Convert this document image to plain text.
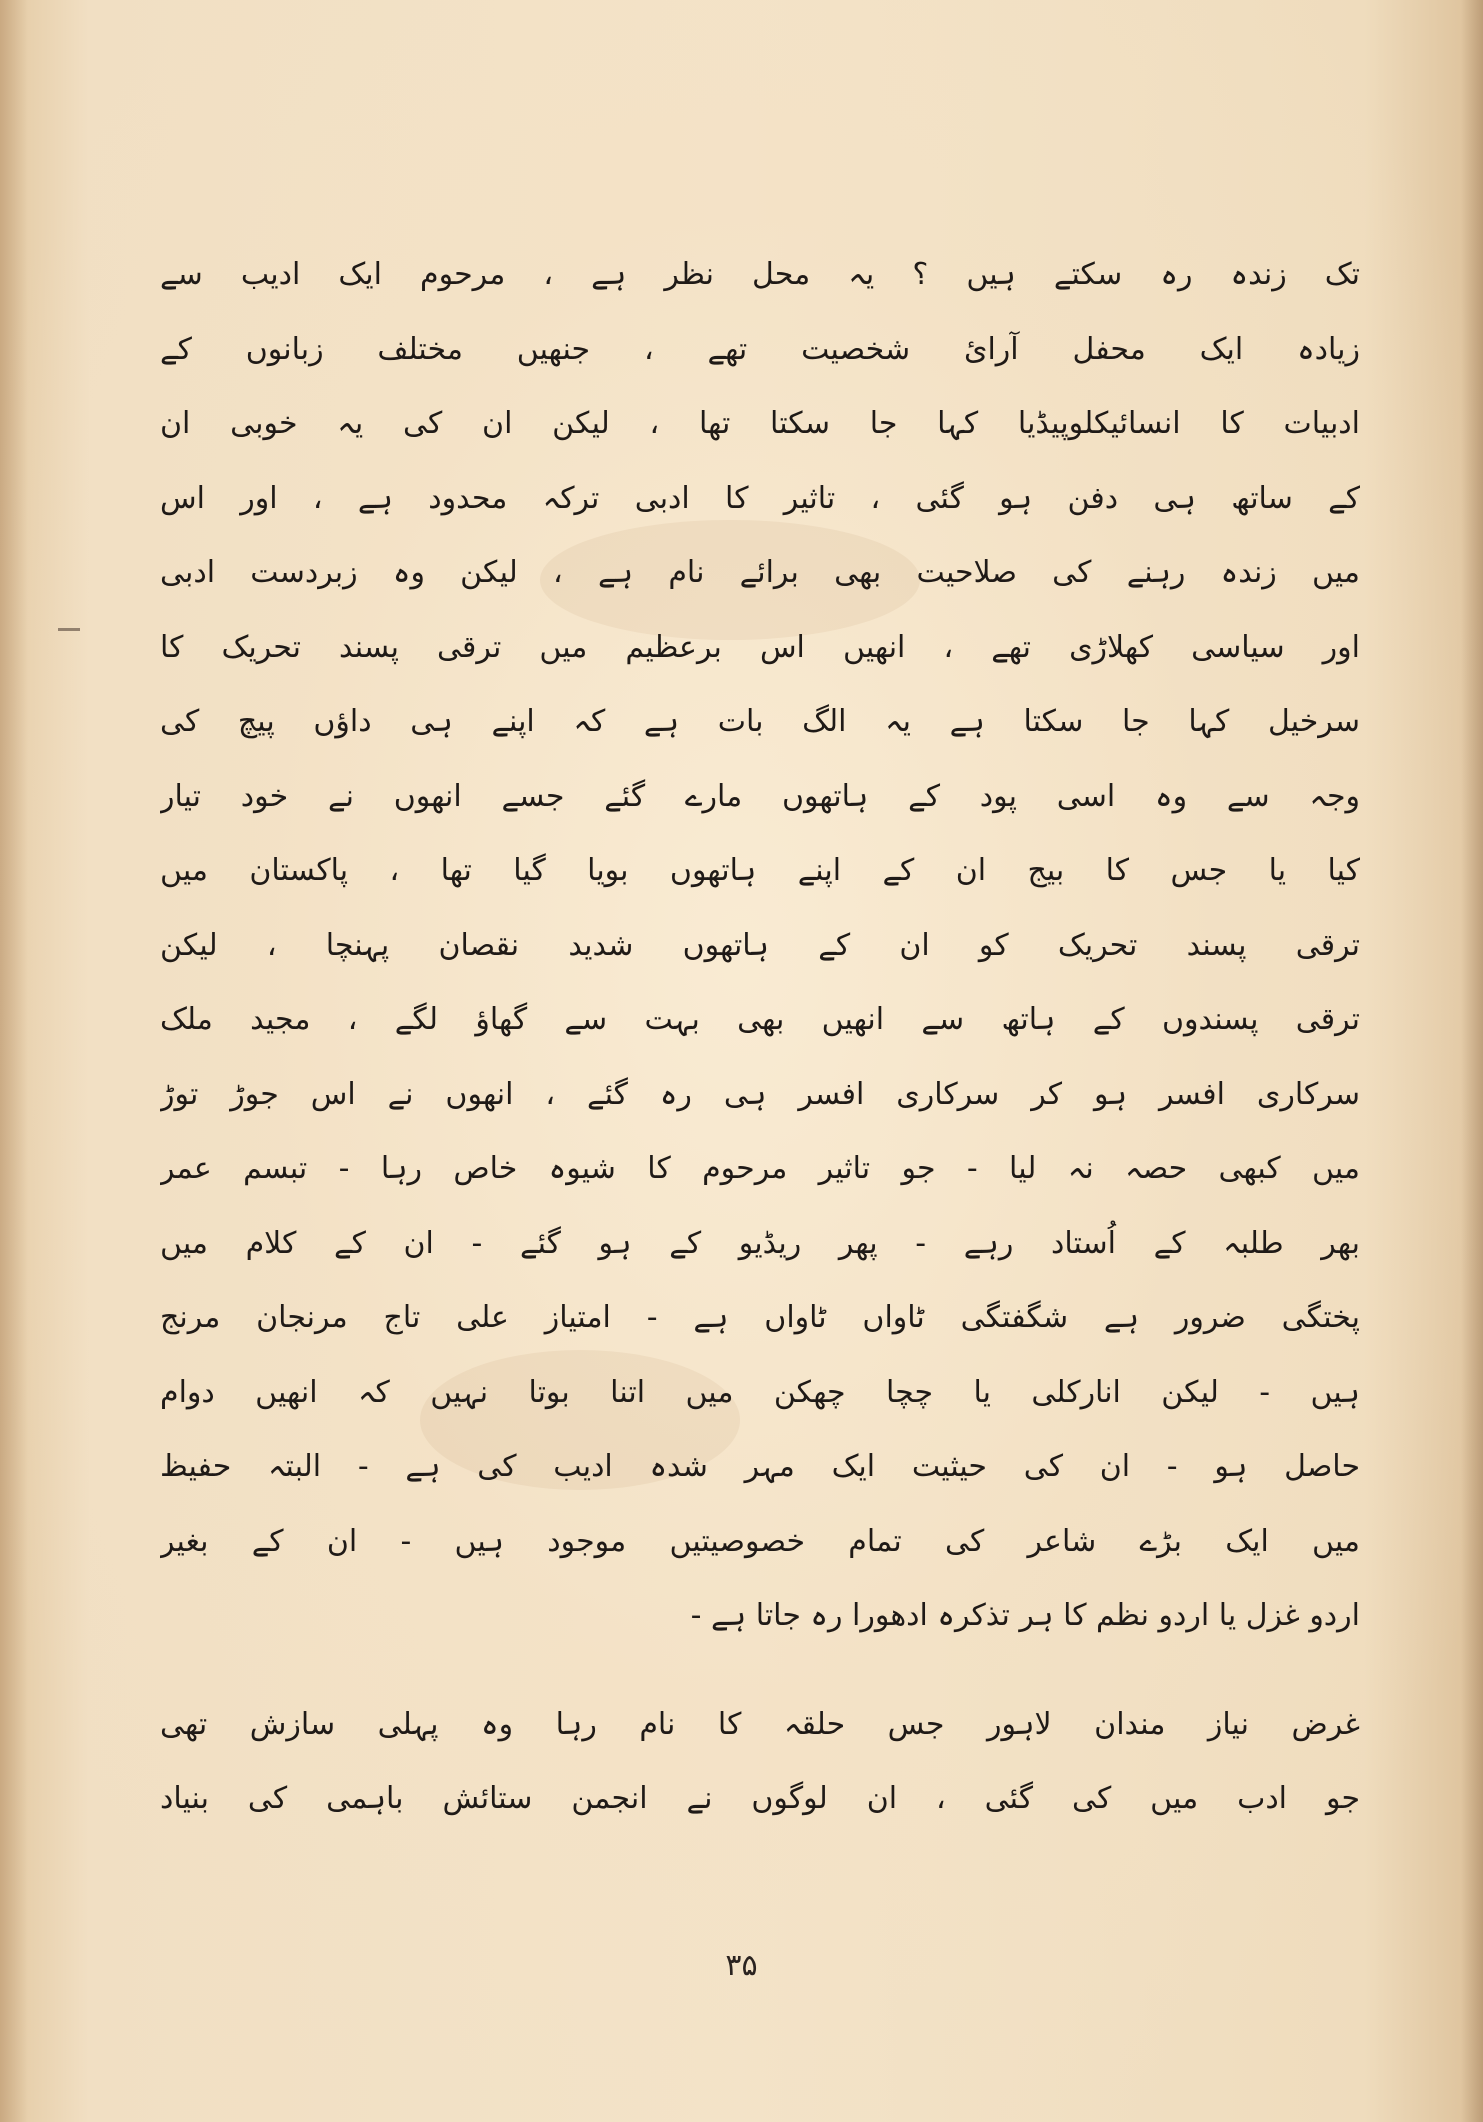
تک زندہ رہ سکتے ہیں ؟ یہ محل نظر ہے ، مرحوم ایک ادیب سے
زیادہ ایک محفل آرائ شخصیت تھے ، جنھیں مختلف زبانوں کے
ادبیات کا انسائیکلوپیڈیا کہا جا سکتا تھا ، لیکن ان کی یہ خوبی ان
کے ساتھ ہی دفن ہو گئی ، تاثیر کا ادبی ترکہ محدود ہے ، اور اس
میں زندہ رہنے کی صلاحیت بھی برائے نام ہے ، لیکن وہ زبردست ادبی
اور سیاسی کھلاڑی تھے ، انھیں اس برعظیم میں ترقی پسند تحریک کا
سرخیل کہا جا سکتا ہے یہ الگ بات ہے کہ اپنے ہی داؤں پیچ کی
وجہ سے وہ اسی پود کے ہاتھوں مارے گئے جسے انھوں نے خود تیار
کیا یا جس کا بیج ان کے اپنے ہاتھوں بویا گیا تھا ، پاکستان میں
ترقی پسند تحریک کو ان کے ہاتھوں شدید نقصان پہنچا ، لیکن
ترقی پسندوں کے ہاتھ سے انھیں بھی بہت سے گھاؤ لگے ، مجید ملک
سرکاری افسر ہو کر سرکاری افسر ہی رہ گئے ، انھوں نے اس جوڑ توڑ
میں کبھی حصہ نہ لیا - جو تاثیر مرحوم کا شیوہ خاص رہا - تبسم عمر
بھر طلبہ کے اُستاد رہے - پھر ریڈیو کے ہو گئے - ان کے کلام میں
پختگی ضرور ہے شگفتگی ٹاواں ٹاواں ہے - امتیاز علی تاج مرنجان مرنج
ہیں - لیکن انارکلی یا چچا چھکن میں اتنا بوتا نہیں کہ انھیں دوام
حاصل ہو - ان کی حیثیت ایک مہر شدہ ادیب کی ہے - البتہ حفیظ
میں ایک بڑے شاعر کی تمام خصوصیتیں موجود ہیں - ان کے بغیر
اردو غزل یا اردو نظم کا ہر تذکرہ ادھورا رہ جاتا ہے -
غرض نیاز مندان لاہور جس حلقہ کا نام رہا وہ پہلی سازش تھی
جو ادب میں کی گئی ، ان لوگوں نے انجمن ستائش باہمی کی بنیاد
۳۵
